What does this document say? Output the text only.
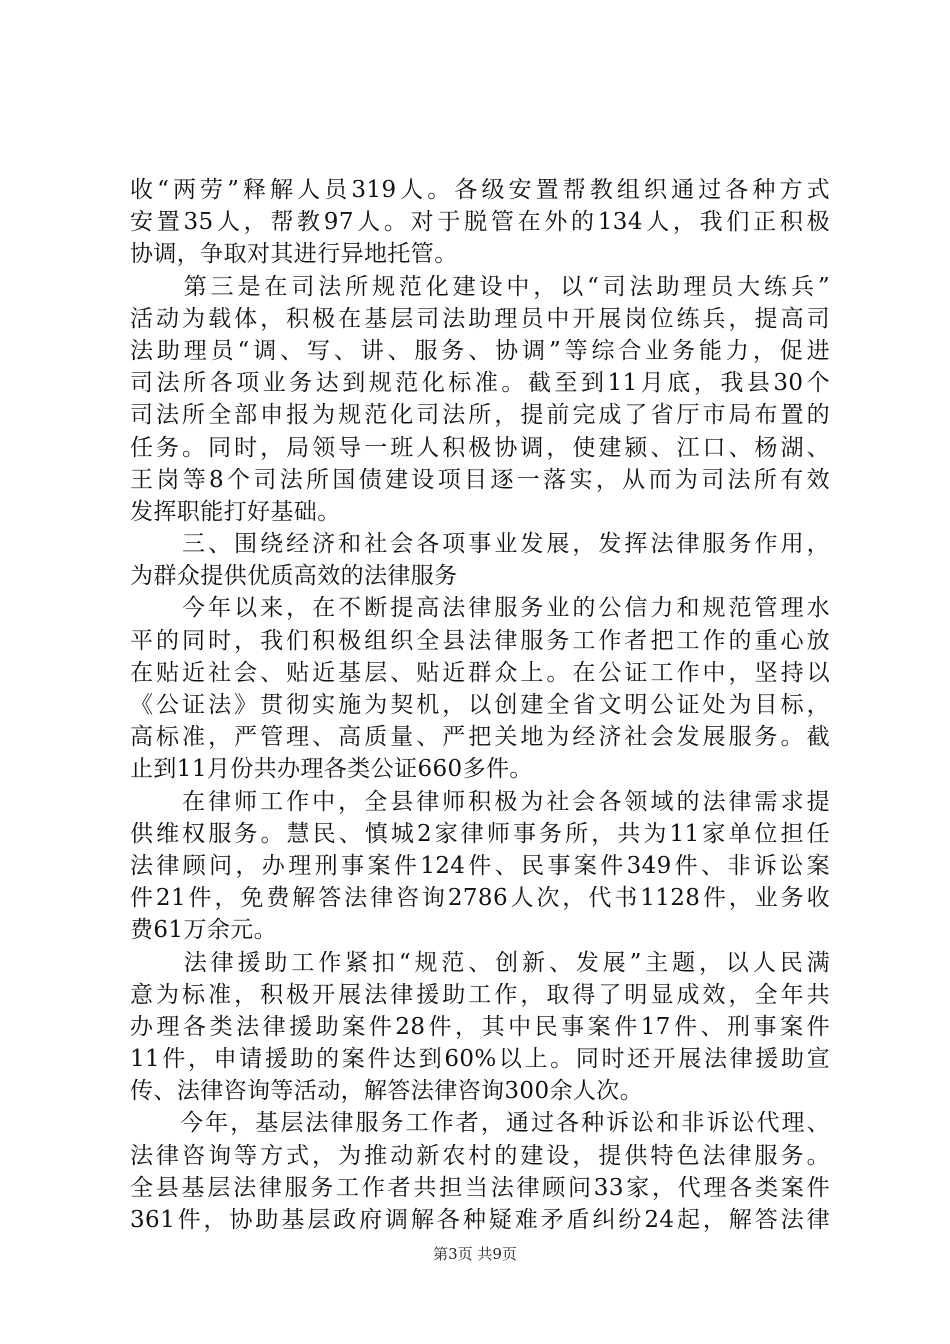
收“两劳”释解人员319人。各级安置帮教组织通过各种方式
安置35人，帮教97人。对于脱管在外的134人，我们正积极
协调，争取对其进行异地托管。
　　第三是在司法所规范化建设中，以“司法助理员大练兵”
活动为载体，积极在基层司法助理员中开展岗位练兵，提高司
法助理员“调、写、讲、服务、协调”等综合业务能力，促进
司法所各项业务达到规范化标准。截至到11月底，我县30个
司法所全部申报为规范化司法所，提前完成了省厅市局布置的
任务。同时，局领导一班人积极协调，使建颍、江口、杨湖、
王岗等8个司法所国债建设项目逐一落实，从而为司法所有效
发挥职能打好基础。
　　三、围绕经济和社会各项事业发展，发挥法律服务作用，
为群众提供优质高效的法律服务
　　今年以来，在不断提高法律服务业的公信力和规范管理水
平的同时，我们积极组织全县法律服务工作者把工作的重心放
在贴近社会、贴近基层、贴近群众上。在公证工作中，坚持以
《公证法》贯彻实施为契机，以创建全省文明公证处为目标，
高标准，严管理、高质量、严把关地为经济社会发展服务。截
止到11月份共办理各类公证660多件。
　　在律师工作中，全县律师积极为社会各领域的法律需求提
供维权服务。慧民、慎城2家律师事务所，共为11家单位担任
法律顾问，办理刑事案件124件、民事案件349件、非诉讼案
件21件，免费解答法律咨询2786人次，代书1128件，业务收
费61万余元。
　　法律援助工作紧扣“规范、创新、发展”主题，以人民满
意为标准，积极开展法律援助工作，取得了明显成效，全年共
办理各类法律援助案件28件，其中民事案件17件、刑事案件
11件，申请援助的案件达到60%以上。同时还开展法律援助宣
传、法律咨询等活动，解答法律咨询300余人次。
　　今年，基层法律服务工作者，通过各种诉讼和非诉讼代理、
法律咨询等方式，为推动新农村的建设，提供特色法律服务。
全县基层法律服务工作者共担当法律顾问33家，代理各类案件
361件，协助基层政府调解各种疑难矛盾纠纷24起，解答法律
第3页 共9页
